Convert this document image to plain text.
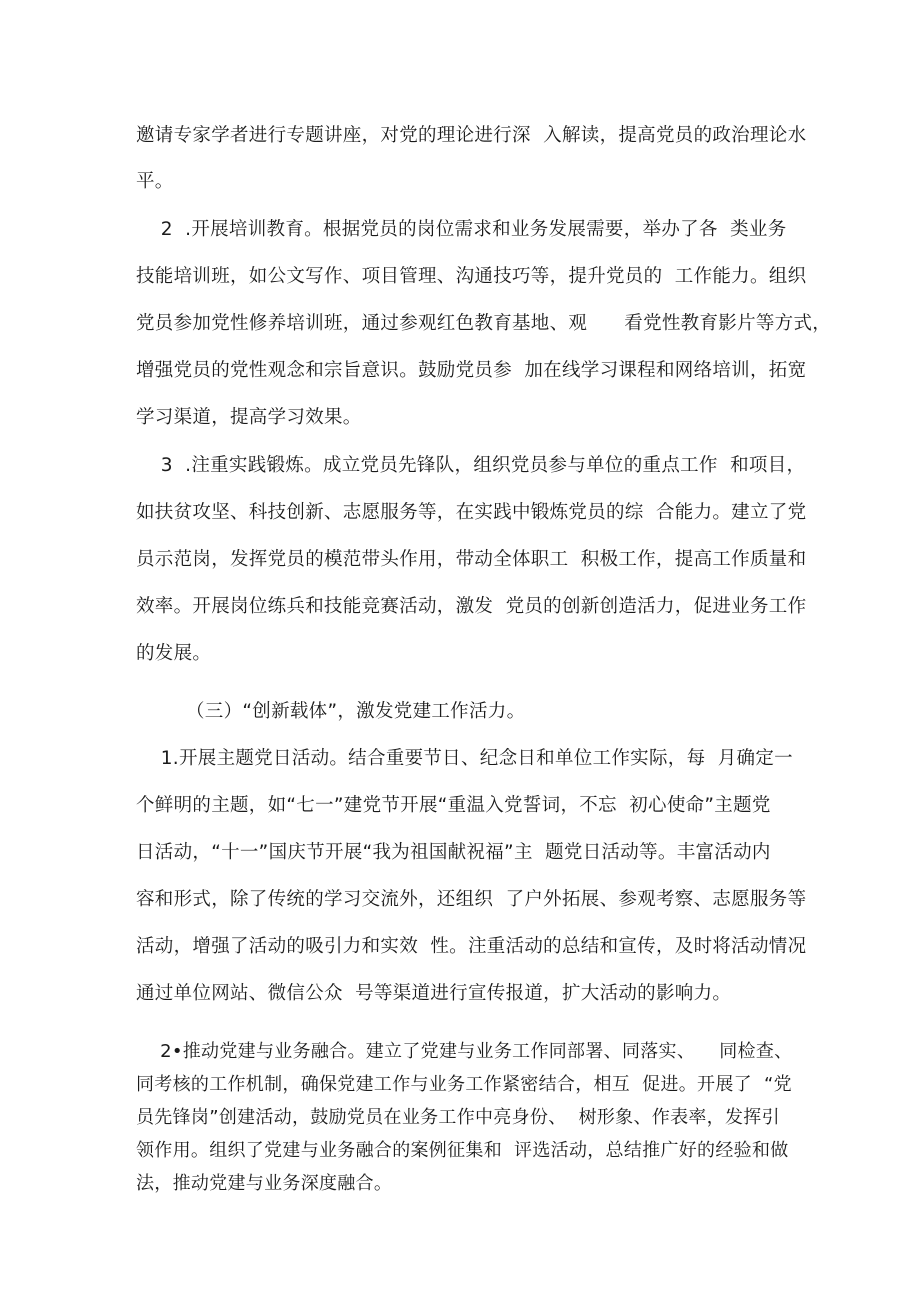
邀请专家学者进行专题讲座，对党的理论进行深  入解读，提高党员的政治理论水
平。
2  .开展培训教育。根据党员的岗位需求和业务发展需要，举办了各  类业务
技能培训班，如公文写作、项目管理、沟通技巧等，提升党员的  工作能力。组织
党员参加党性修养培训班，通过参观红色教育基地、观      看党性教育影片等方式，
增强党员的党性观念和宗旨意识。鼓励党员参  加在线学习课程和网络培训，拓宽
学习渠道，提高学习效果。
3  .注重实践锻炼。成立党员先锋队，组织党员参与单位的重点工作  和项目，
如扶贫攻坚、科技创新、志愿服务等，在实践中锻炼党员的综  合能力。建立了党
员示范岗，发挥党员的模范带头作用，带动全体职工  积极工作，提高工作质量和
效率。开展岗位练兵和技能竞赛活动，激发  党员的创新创造活力，促进业务工作
的发展。
（三）“创新载体”，激发党建工作活力。
1.开展主题党日活动。结合重要节日、纪念日和单位工作实际，每  月确定一
个鲜明的主题，如“七一”建党节开展“重温入党誓词，不忘  初心使命”主题党
日活动，“十一”国庆节开展“我为祖国献祝福”主  题党日活动等。丰富活动内
容和形式，除了传统的学习交流外，还组织  了户外拓展、参观考察、志愿服务等
活动，增强了活动的吸引力和实效  性。注重活动的总结和宣传，及时将活动情况
通过单位网站、微信公众  号等渠道进行宣传报道，扩大活动的影响力。
2•推动党建与业务融合。建立了党建与业务工作同部署、同落实、    同检查、
同考核的工作机制，确保党建工作与业务工作紧密结合，相互  促进。开展了  “党
员先锋岗”创建活动，鼓励党员在业务工作中亮身份、  树形象、作表率，发挥引
领作用。组织了党建与业务融合的案例征集和  评选活动，总结推广好的经验和做
法，推动党建与业务深度融合。
